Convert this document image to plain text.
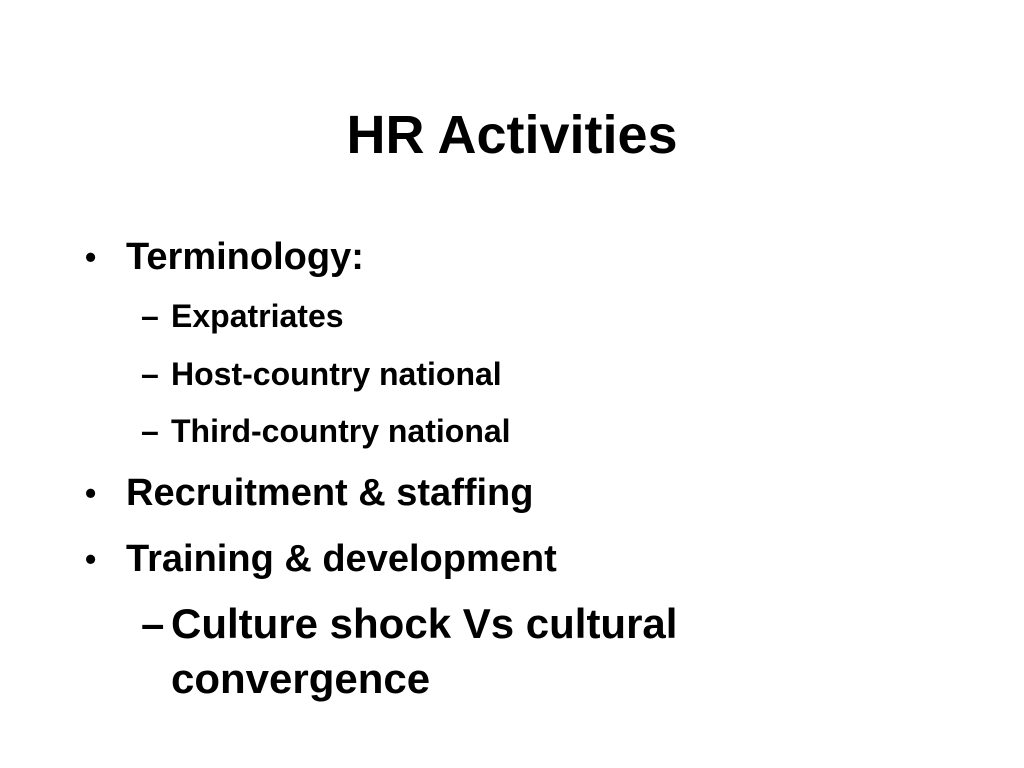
HR Activities
• Terminology:
– Expatriates
– Host-country national
– Third-country national
• Recruitment & staffing
• Training & development
– Culture shock Vs cultural convergence
